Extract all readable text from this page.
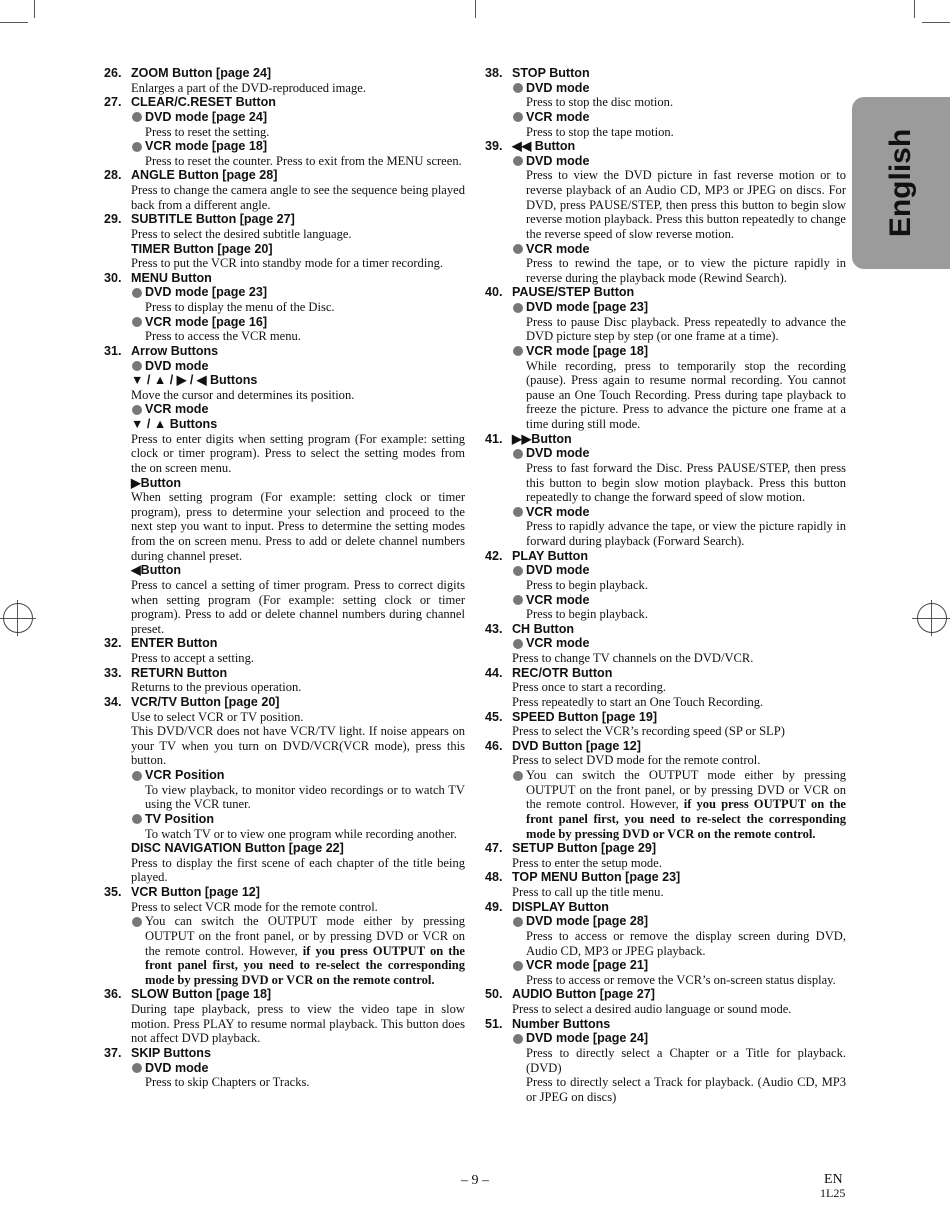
English
26. ZOOM Button [page 24]

Enlarges a part of the DVD-reproduced image.

27. CLEAR/C.RESET Button
DVD mode [page 24]

Press to reset the setting.

VCR mode [page 18]

Press to reset the counter. Press to exit from the MENU screen.

28. ANGLE Button [page 28]

Press to change the camera angle to see the sequence being played back from a different angle.

29. SUBTITLE Button [page 27]

Press to select the desired subtitle language.

TIMER Button [page 20]

Press to put the VCR into standby mode for a timer recording.

30. MENU Button
DVD mode [page 23]

Press to display the menu of the Disc.

VCR mode [page 16]

Press to access the VCR menu.

31. Arrow Buttons
DVD mode
▼ / ▲ / ▶ / ◀ Buttons

Move the cursor and determines its position.

VCR mode
▼ / ▲ Buttons

Press to enter digits when setting program (For example: setting clock or timer program). Press to select the setting modes from the on screen menu.

▶Button

When setting program (For example: setting clock or timer program), press to determine your selection and proceed to the next step you want to input. Press to determine the setting modes from the on screen menu. Press to add or delete channel numbers during channel preset.

◀Button

Press to cancel a setting of timer program. Press to correct digits when setting program (For example: setting clock or timer program). Press to add or delete channel numbers during channel preset.

32. ENTER Button

Press to accept a setting.

33. RETURN Button

Returns to the previous operation.

34. VCR/TV Button [page 20]

Use to select VCR or TV position.

This DVD/VCR does not have VCR/TV light. If noise appears on your TV when you turn on DVD/VCR(VCR mode), press this button.

VCR Position

To view playback, to monitor video recordings or to watch TV using the VCR tuner.

TV Position

To watch TV or to view one program while recording another.

DISC NAVIGATION Button [page 22]

Press to display the first scene of each chapter of the title being played.

35. VCR Button [page 12]

Press to select VCR mode for the remote control.

You can switch the OUTPUT mode either by pressing OUTPUT on the front panel, or by pressing DVD or VCR on the remote control. However, if you press OUTPUT on the front panel first, you need to re-select the corresponding mode by pressing DVD or VCR on the remote control.

36. SLOW Button [page 18]

During tape playback, press to view the video tape in slow motion. Press PLAY to resume normal playback. This button does not affect DVD playback.

37. SKIP Buttons
DVD mode

Press to skip Chapters or Tracks.

38. STOP Button
DVD mode

Press to stop the disc motion.

VCR mode

Press to stop the tape motion.

39. ◀◀ Button
DVD mode

Press to view the DVD picture in fast reverse motion or to reverse playback of an Audio CD, MP3 or JPEG on discs. For DVD, press PAUSE/STEP, then press this button to begin slow reverse motion playback. Press this button repeatedly to change the reverse speed of slow reverse motion.

VCR mode

Press to rewind the tape, or to view the picture rapidly in reverse during the playback mode (Rewind Search).

40. PAUSE/STEP Button
DVD mode [page 23]

Press to pause Disc playback. Press repeatedly to advance the DVD picture step by step (or one frame at a time).

VCR mode [page 18]

While recording, press to temporarily stop the recording (pause). Press again to resume normal recording. You cannot pause an One Touch Recording. Press during tape playback to freeze the picture. Press to advance the picture one frame at a time during still mode.

41. ▶▶Button
DVD mode

Press to fast forward the Disc. Press PAUSE/STEP, then press this button to begin slow motion playback. Press this button repeatedly to change the forward speed of slow motion.

VCR mode

Press to rapidly advance the tape, or view the picture rapidly in forward during playback (Forward Search).

42. PLAY Button
DVD mode

Press to begin playback.

VCR mode

Press to begin playback.

43. CH Button
VCR mode

Press to change TV channels on the DVD/VCR.

44. REC/OTR Button

Press once to start a recording.

Press repeatedly to start an One Touch Recording.

45. SPEED Button [page 19]

Press to select the VCR’s recording speed (SP or SLP)

46. DVD Button [page 12]

Press to select DVD mode for the remote control.

You can switch the OUTPUT mode either by pressing OUTPUT on the front panel, or by pressing DVD or VCR on the remote control. However, if you press OUTPUT on the front panel first, you need to re-select the corresponding mode by pressing DVD or VCR on the remote control.

47. SETUP Button [page 29]

Press to enter the setup mode.

48. TOP MENU Button [page 23]

Press to call up the title menu.

49. DISPLAY Button
DVD mode [page 28]

Press to access or remove the display screen during DVD, Audio CD, MP3 or JPEG playback.

VCR mode [page 21]

Press to access or remove the VCR’s on-screen status display.

50. AUDIO Button [page 27]

Press to select a desired audio language or sound mode.

51. Number Buttons
DVD mode [page 24]

Press to directly select a Chapter or a Title for playback. (DVD)

Press to directly select a Track for playback. (Audio CD, MP3 or JPEG on discs)

– 9 –	EN
1L25
